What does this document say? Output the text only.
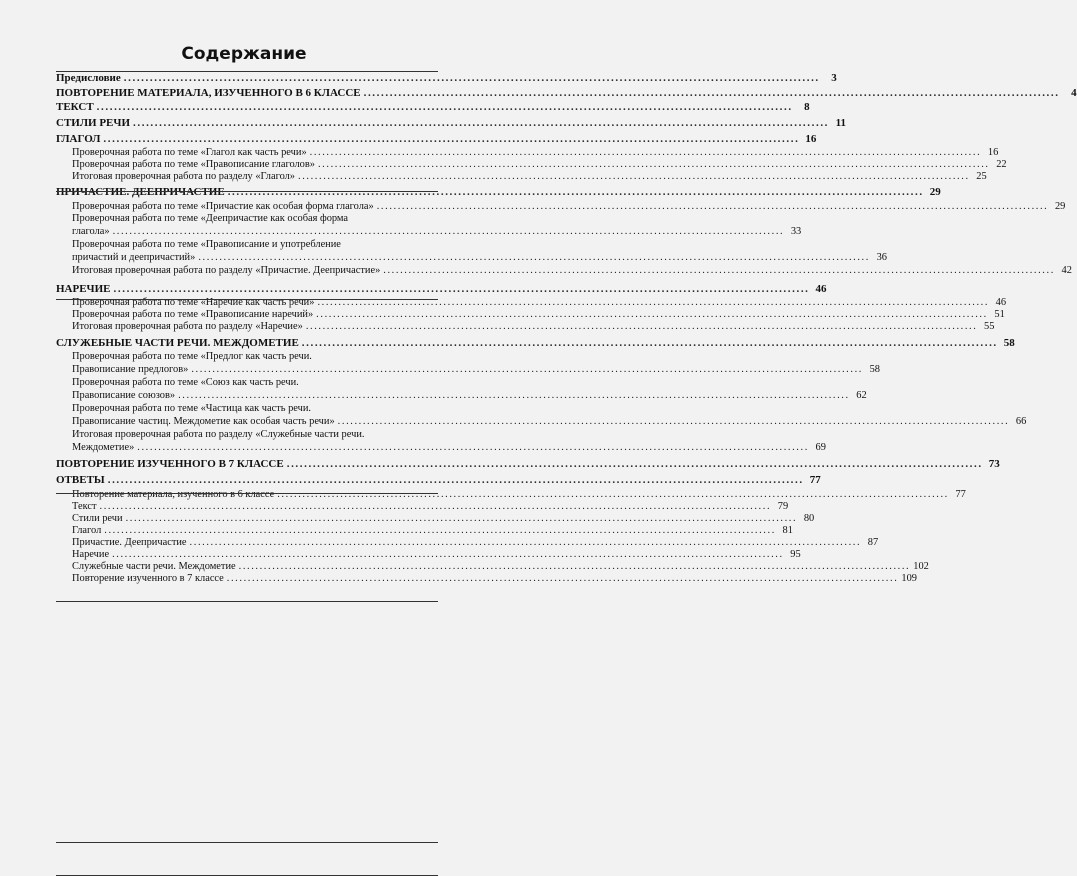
Содержание
Предисловие ................................................................................................................................................................	3
ПОВТОРЕНИЕ МАТЕРИАЛА, ИЗУЧЕННОГО В 6 КЛАССЕ ................................................................................................................................................................	4
ТЕКСТ ................................................................................................................................................................	8
СТИЛИ РЕЧИ ................................................................................................................................................................ 11
ГЛАГОЛ ................................................................................................................................................................ 16
Проверочная работа по теме «Глагол как часть речи» ................................................................................................................................................................ 16
Проверочная работа по теме «Правописание глаголов» ................................................................................................................................................................ 22
Итоговая проверочная работа по разделу «Глагол» ................................................................................................................................................................ 25
ПРИЧАСТИЕ. ДЕЕПРИЧАСТИЕ ................................................................................................................................................................ 29
Проверочная работа по теме «Причастие как особая форма глагола» ................................................................................................................................................................ 29
Проверочная работа по теме «Деепричастие как особая форма
глагола» ................................................................................................................................................................ 33
Проверочная работа по теме «Правописание и употребление
причастий и деепричастий» ................................................................................................................................................................ 36
Итоговая проверочная работа по разделу «Причастие. Деепричастие» ................................................................................................................................................................ 42
НАРЕЧИЕ ................................................................................................................................................................ 46
Проверочная работа по теме «Наречие как часть речи» ................................................................................................................................................................ 46
Проверочная работа по теме «Правописание наречий» ................................................................................................................................................................ 51
Итоговая проверочная работа по разделу «Наречие» ................................................................................................................................................................ 55
СЛУЖЕБНЫЕ ЧАСТИ РЕЧИ. МЕЖДОМЕТИЕ ................................................................................................................................................................ 58
Проверочная работа по теме «Предлог как часть речи.
Правописание предлогов» ................................................................................................................................................................ 58
Проверочная работа по теме «Союз как часть речи.
Правописание союзов» ................................................................................................................................................................ 62
Проверочная работа по теме «Частица как часть речи.
Правописание частиц. Междометие как особая часть речи» ................................................................................................................................................................ 66
Итоговая проверочная работа по разделу «Служебные части речи.
Междометие» ................................................................................................................................................................ 69
ПОВТОРЕНИЕ ИЗУЧЕННОГО В 7 КЛАССЕ ................................................................................................................................................................ 73
ОТВЕТЫ ................................................................................................................................................................ 77
Повторение материала, изученного в 6 классе ................................................................................................................................................................ 77
Текст ................................................................................................................................................................ 79
Стили речи ................................................................................................................................................................ 80
Глагол ................................................................................................................................................................ 81
Причастие. Деепричастие ................................................................................................................................................................ 87
Наречие ................................................................................................................................................................ 95
Служебные части речи. Междометие ................................................................................................................................................................ 102
Повторение изученного в 7 классе ................................................................................................................................................................ 109
